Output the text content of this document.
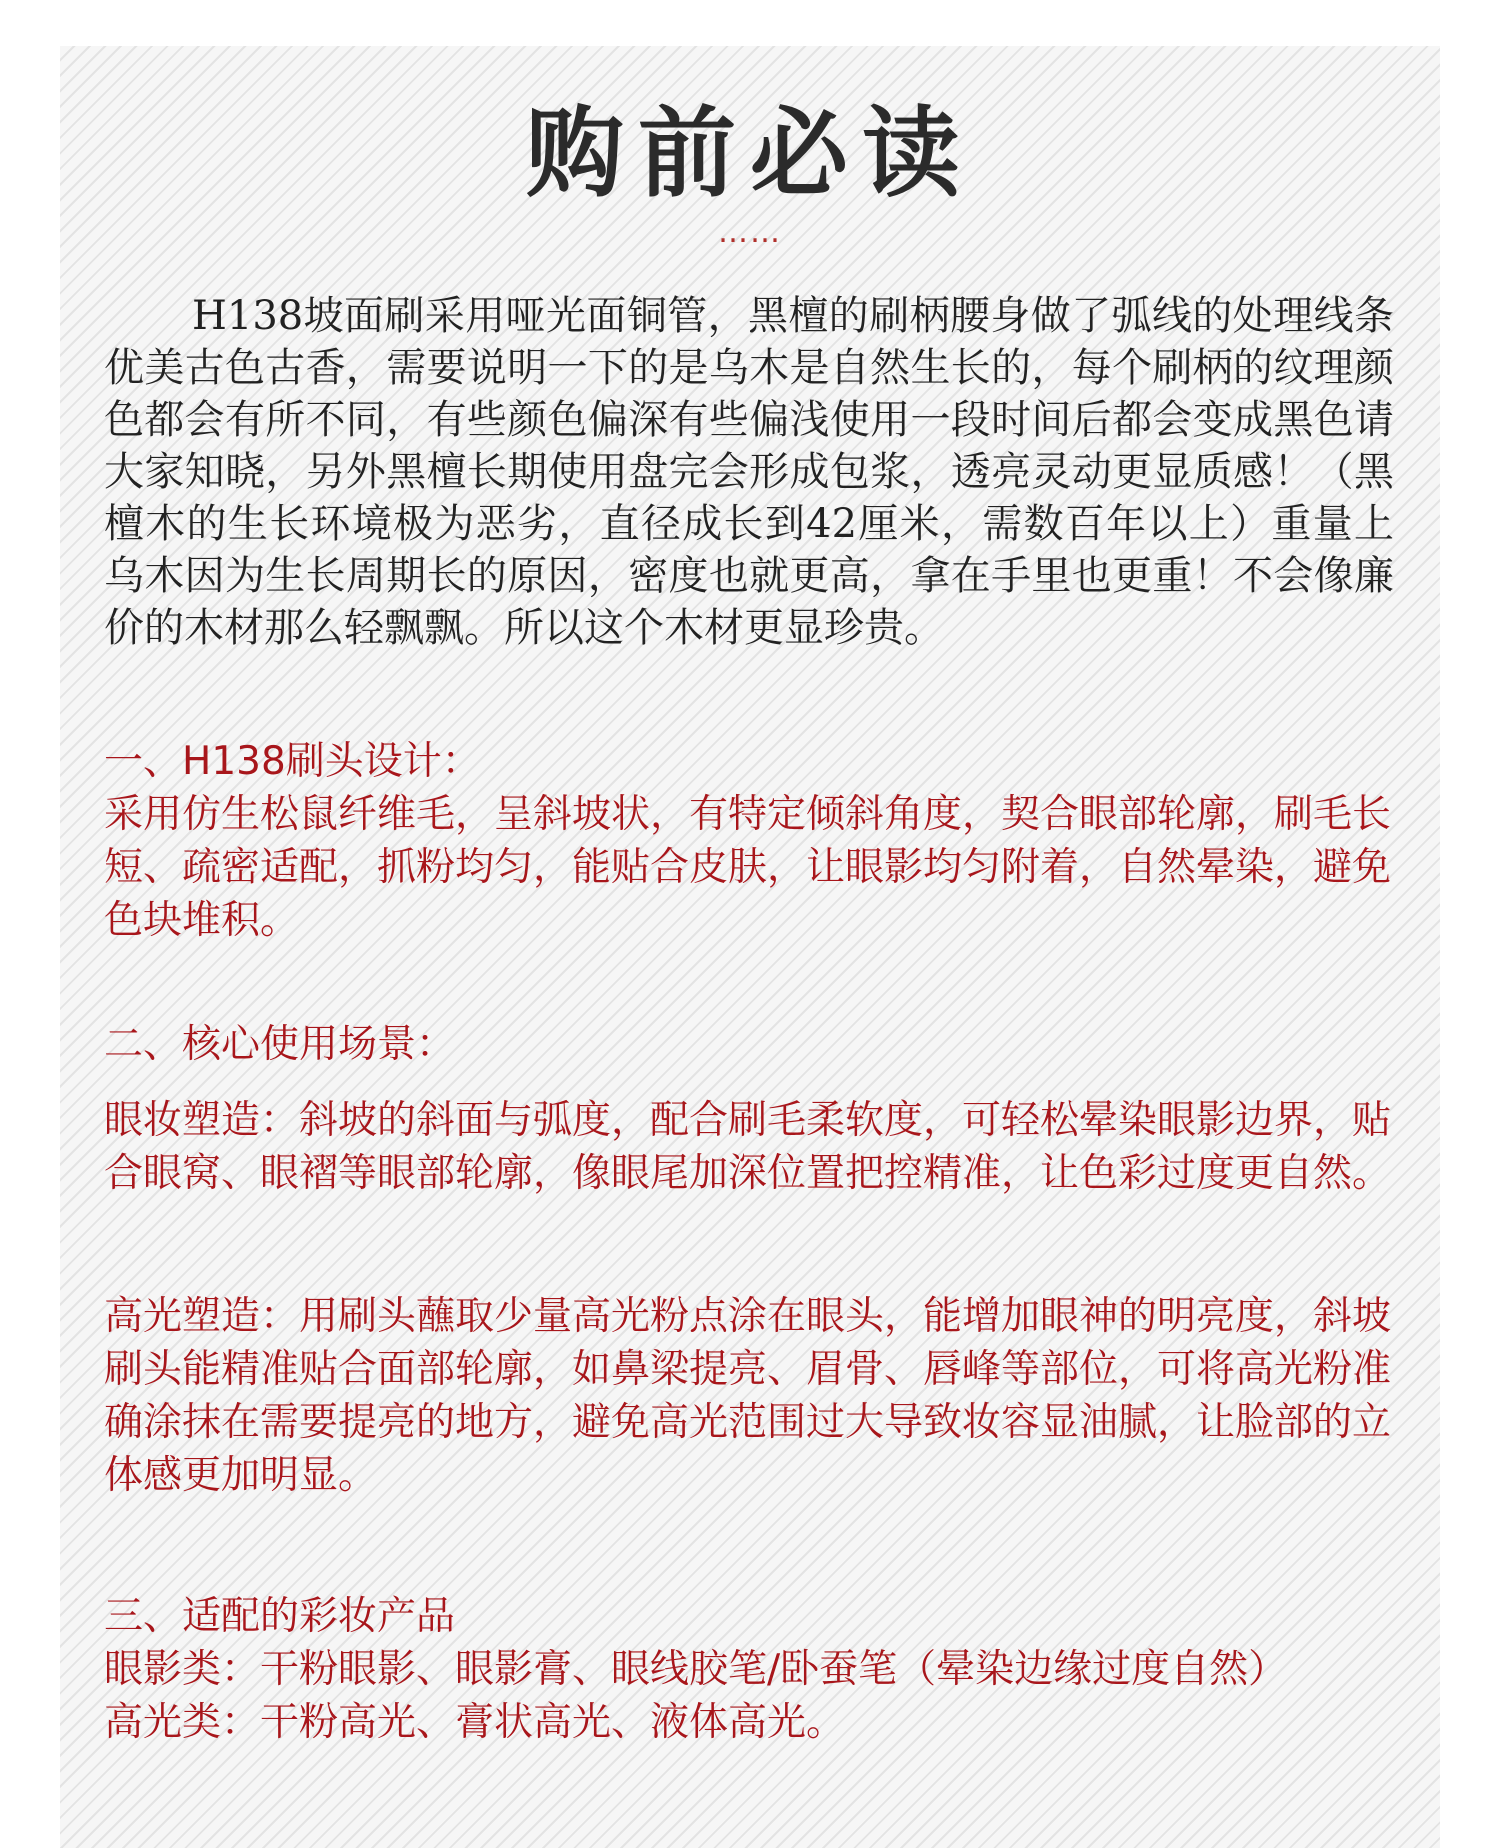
购前必读
……

H138坡面刷采用哑光面铜管，黑檀的刷柄腰身做了弧线的处理线条优美古色古香，需要说明一下的是乌木是自然生长的，每个刷柄的纹理颜色都会有所不同，有些颜色偏深有些偏浅使用一段时间后都会变成黑色请大家知晓，另外黑檀长期使用盘完会形成包浆，透亮灵动更显质感！（黑檀木的生长环境极为恶劣，直径成长到42厘米，需数百年以上）重量上乌木因为生长周期长的原因，密度也就更高，拿在手里也更重！不会像廉价的木材那么轻飘飘。所以这个木材更显珍贵。

一、H138刷头设计：

采用仿生松鼠纤维毛，呈斜坡状，有特定倾斜角度，契合眼部轮廓，刷毛长短、疏密适配，抓粉均匀，能贴合皮肤，让眼影均匀附着，自然晕染，避免色块堆积。

二、核心使用场景：

眼妆塑造：斜坡的斜面与弧度，配合刷毛柔软度，可轻松晕染眼影边界，贴合眼窝、眼褶等眼部轮廓，像眼尾加深位置把控精准，让色彩过度更自然。

高光塑造：用刷头蘸取少量高光粉点涂在眼头，能增加眼神的明亮度，斜坡刷头能精准贴合面部轮廓，如鼻梁提亮、眉骨、唇峰等部位，可将高光粉准确涂抹在需要提亮的地方，避免高光范围过大导致妆容显油腻，让脸部的立体感更加明显。

三、适配的彩妆产品

眼影类：干粉眼影、眼影膏、眼线胶笔/卧蚕笔（晕染边缘过度自然）

高光类：干粉高光、膏状高光、液体高光。
